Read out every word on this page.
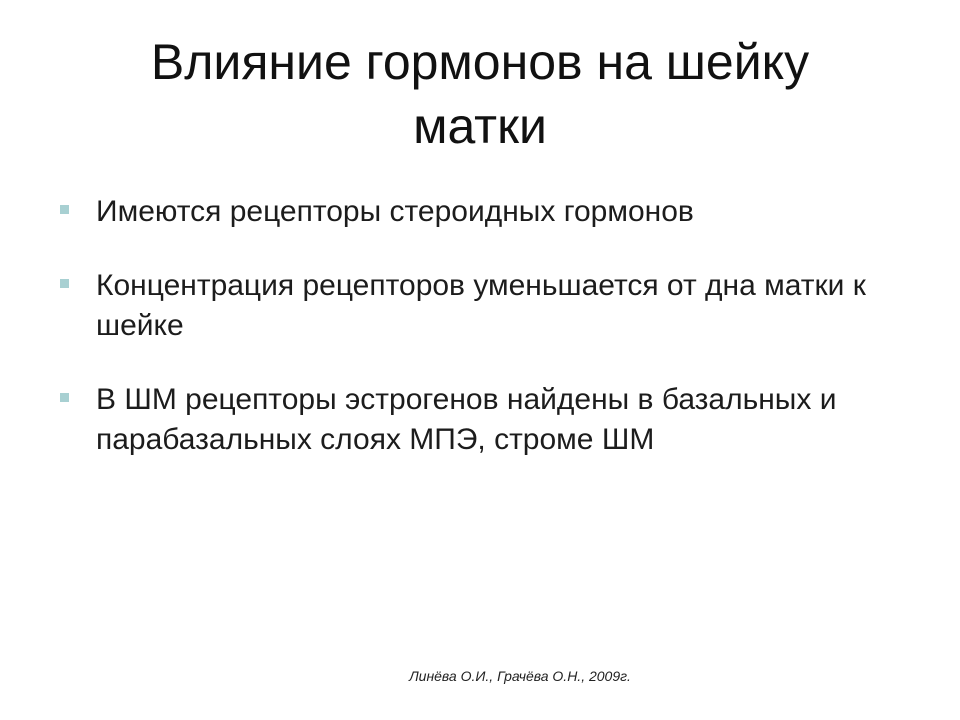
Влияние гормонов на шейку матки
Имеются рецепторы стероидных гормонов
Концентрация рецепторов уменьшается от дна матки к шейке
В ШМ рецепторы эстрогенов найдены в базальных и парабазальных слоях МПЭ, строме ШМ
Линёва О.И., Грачёва О.Н., 2009г.
